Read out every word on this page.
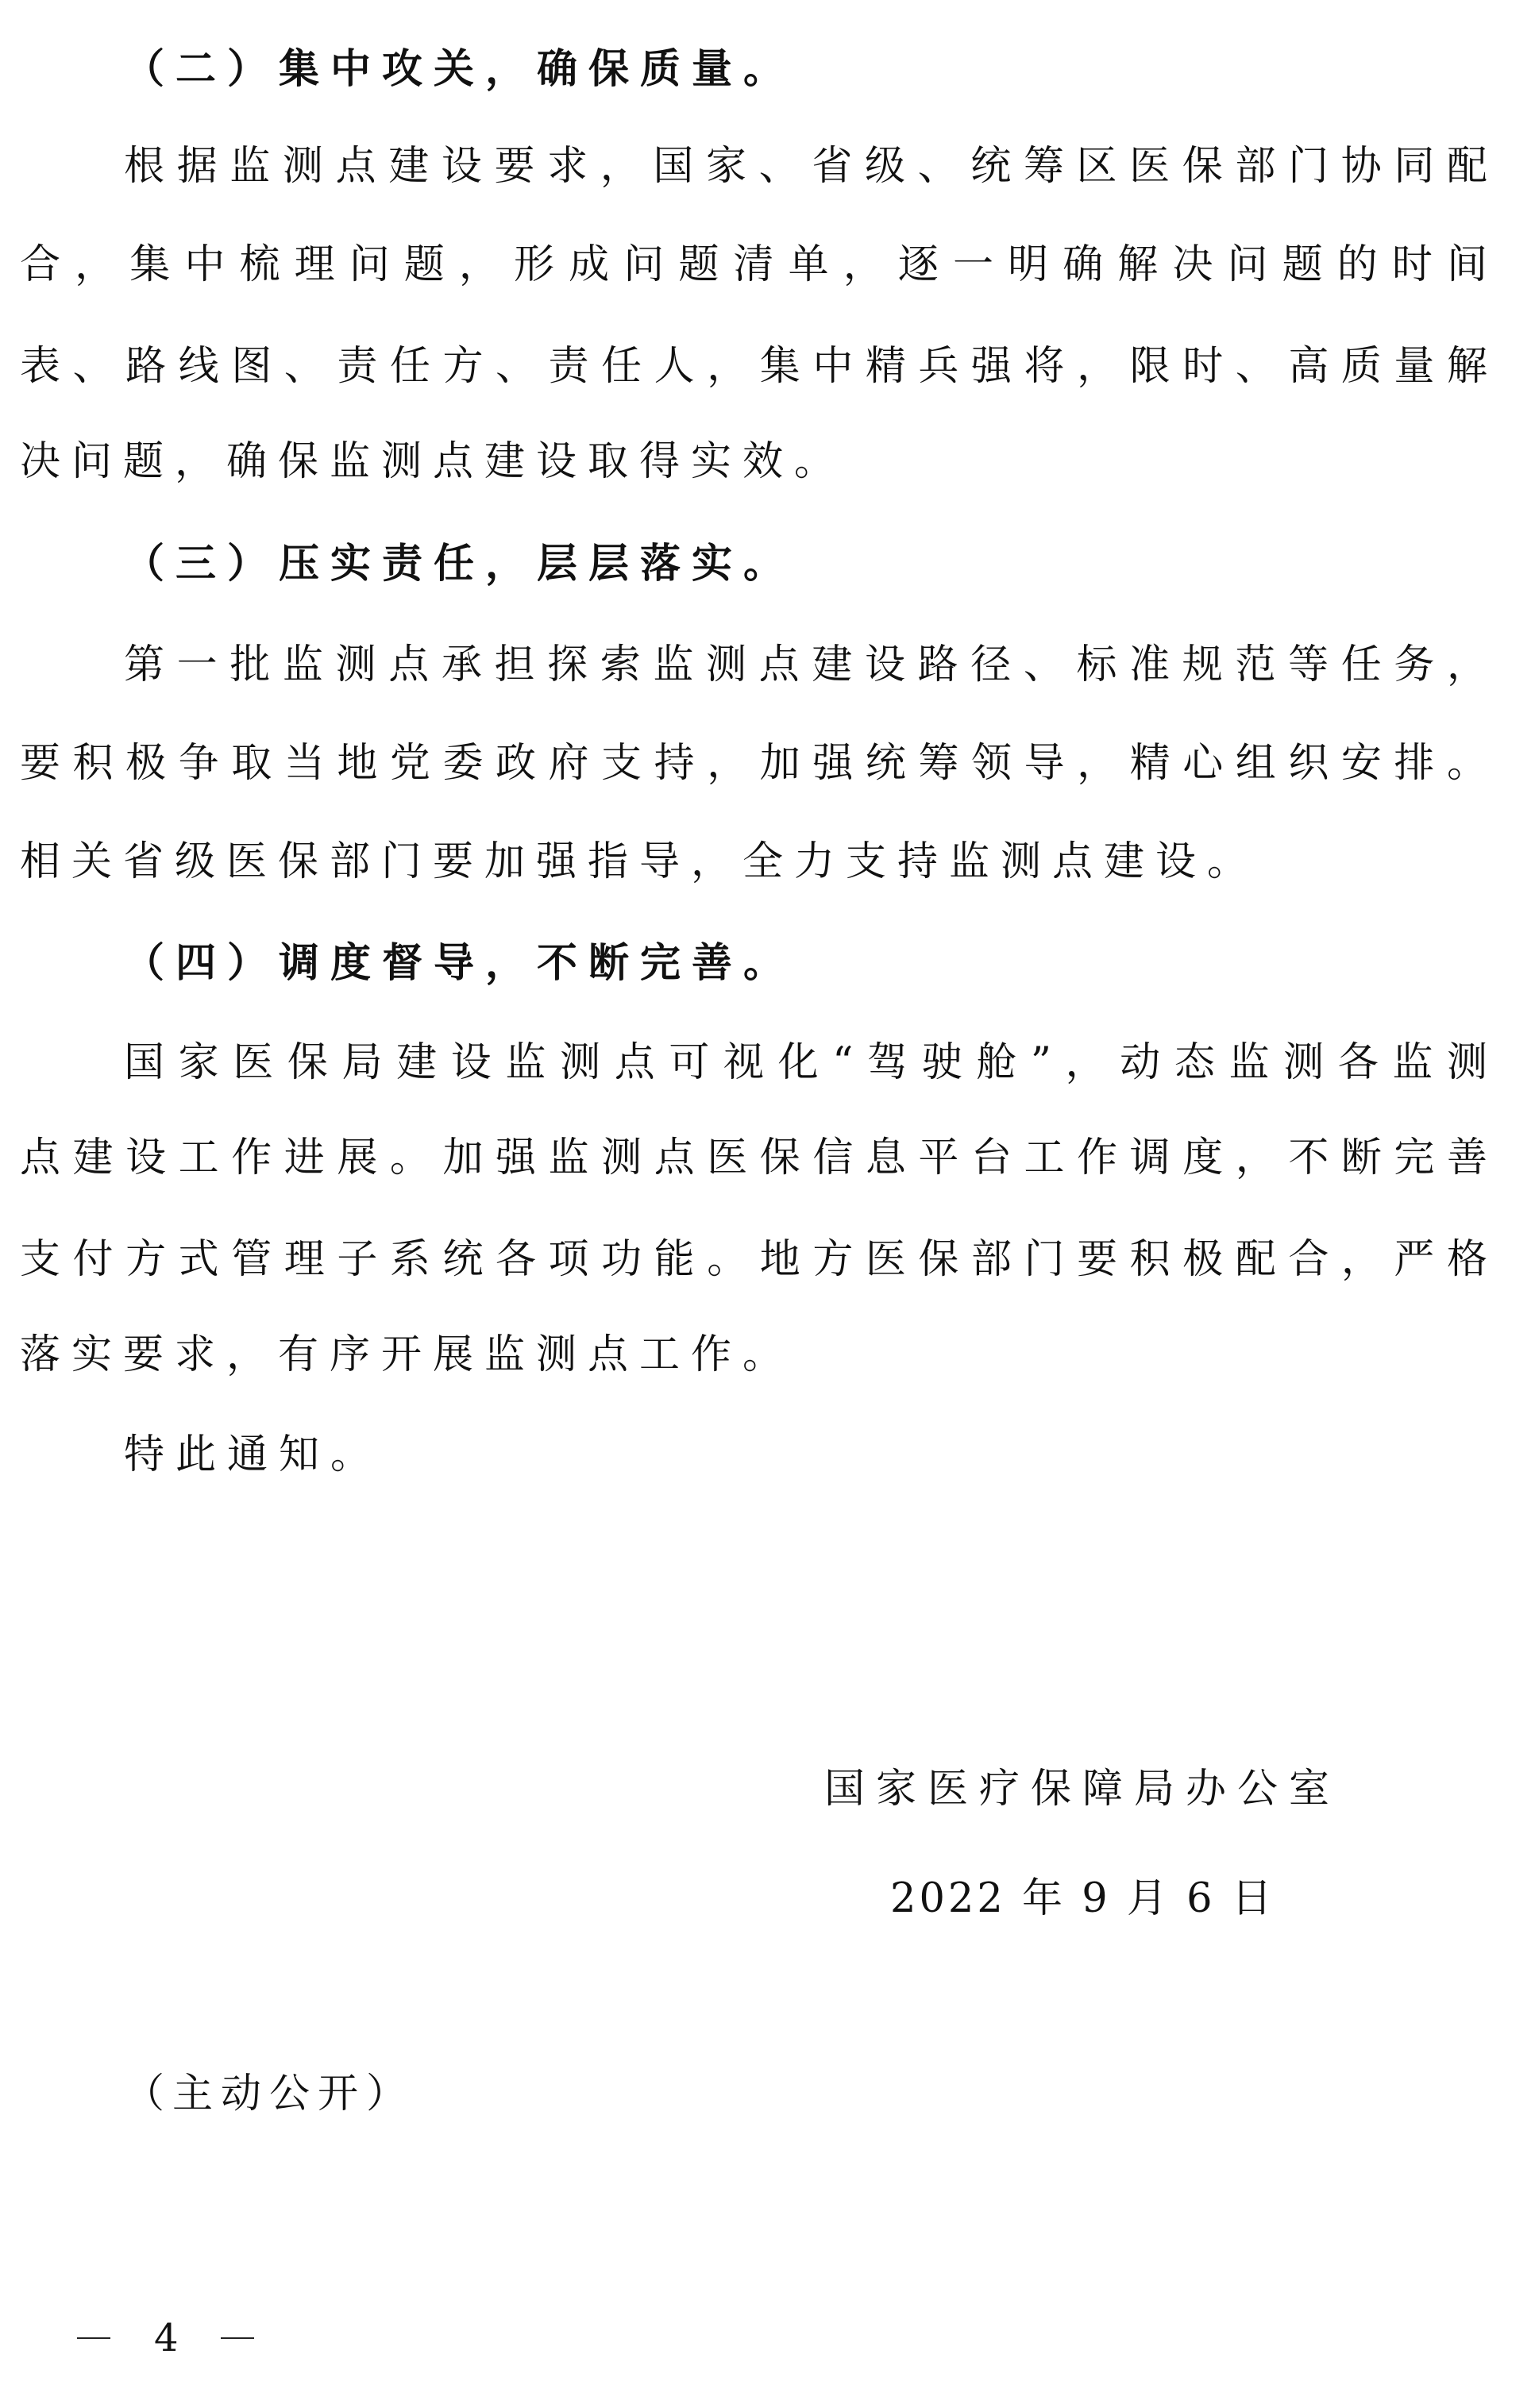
（二）集中攻关，确保质量。
根据监测点建设要求，国家、省级、统筹区医保部门协同配
合，集中梳理问题，形成问题清单，逐一明确解决问题的时间
表、路线图、责任方、责任人，集中精兵强将，限时、高质量解
决问题，确保监测点建设取得实效。
（三）压实责任，层层落实。
第一批监测点承担探索监测点建设路径、标准规范等任务，
要积极争取当地党委政府支持，加强统筹领导，精心组织安排。
相关省级医保部门要加强指导，全力支持监测点建设。
（四）调度督导，不断完善。
国家医保局建设监测点可视化“驾驶舱”，动态监测各监测
点建设工作进展。加强监测点医保信息平台工作调度，不断完善
支付方式管理子系统各项功能。地方医保部门要积极配合，严格
落实要求，有序开展监测点工作。
特此通知。
国家医疗保障局办公室
2022 年 9 月 6 日
（主动公开）
4
